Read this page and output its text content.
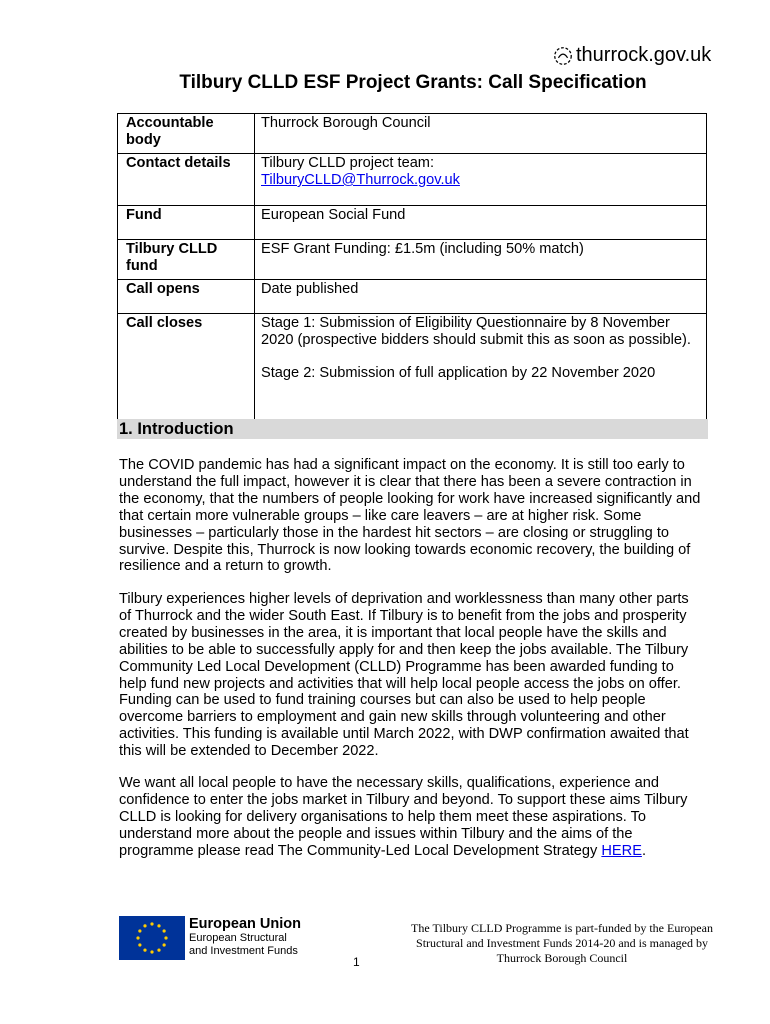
thurrock.gov.uk
Tilbury CLLD ESF Project Grants: Call Specification
Accountable body	Thurrock Borough Council
Contact details	Tilbury CLLD project team:
TilburyCLLD@Thurrock.gov.uk

Fund	European Social Fund
Tilbury CLLD fund	ESF Grant Funding: £1.5m (including 50% match)
Call opens	Date published
Call closes	Stage 1: Submission of Eligibility Questionnaire by 8 November 2020 (prospective bidders should submit this as soon as possible).
Stage 2: Submission of full application by 22 November 2020
1. Introduction

The COVID pandemic has had a significant impact on the economy. It is still too early to understand the full impact, however it is clear that there has been a severe contraction in the economy, that the numbers of people looking for work have increased significantly and that certain more vulnerable groups – like care leavers – are at higher risk. Some businesses – particularly those in the hardest hit sectors – are closing or struggling to survive. Despite this, Thurrock is now looking towards economic recovery, the building of resilience and a return to growth.

Tilbury experiences higher levels of deprivation and worklessness than many other parts of Thurrock and the wider South East. If Tilbury is to benefit from the jobs and prosperity created by businesses in the area, it is important that local people have the skills and abilities to be able to successfully apply for and then keep the jobs available. The Tilbury Community Led Local Development (CLLD) Programme has been awarded funding to help fund new projects and activities that will help local people access the jobs on offer. Funding can be used to fund training courses but can also be used to help people overcome barriers to employment and gain new skills through volunteering and other activities. This funding is available until March 2022, with DWP confirmation awaited that this will be extended to December 2022.

We want all local people to have the necessary skills, qualifications, experience and confidence to enter the jobs market in Tilbury and beyond. To support these aims Tilbury CLLD is looking for delivery organisations to help them meet these aspirations. To understand more about the people and issues within Tilbury and the aims of the programme please read The Community-Led Local Development Strategy HERE.

European Union
European Structural
and Investment Funds
1
The Tilbury CLLD Programme is part-funded by the European Structural and Investment Funds 2014-20 and is managed by Thurrock Borough Council
